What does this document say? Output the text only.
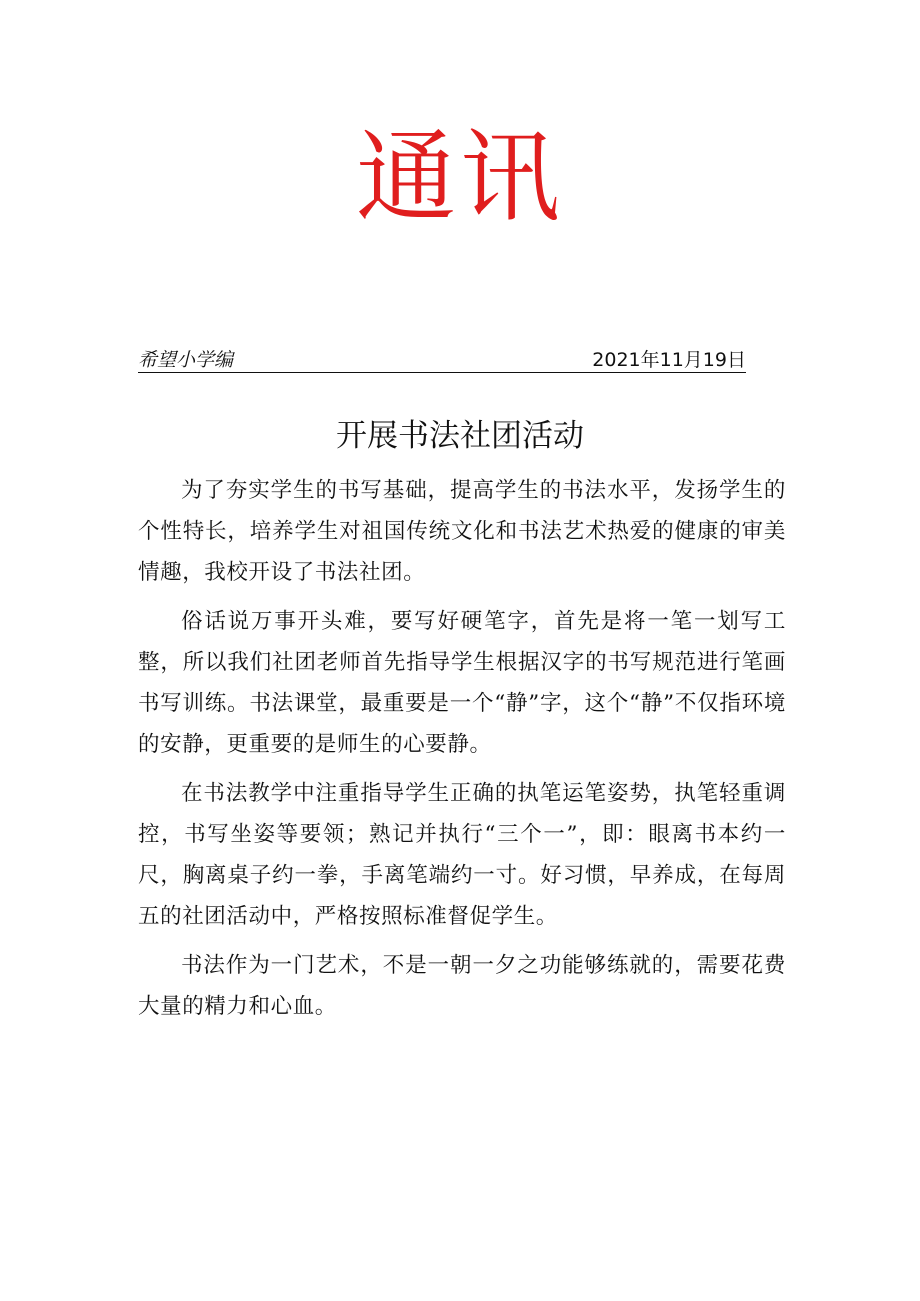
通讯
希望小学编	2021年11月19日
开展书法社团活动

为了夯实学生的书写基础，提高学生的书法水平，发扬学生的个性特长，培养学生对祖国传统文化和书法艺术热爱的健康的审美情趣，我校开设了书法社团。

俗话说万事开头难，要写好硬笔字，首先是将一笔一划写工整，所以我们社团老师首先指导学生根据汉字的书写规范进行笔画书写训练。书法课堂，最重要是一个“静”字，这个“静”不仅指环境的安静，更重要的是师生的心要静。

在书法教学中注重指导学生正确的执笔运笔姿势，执笔轻重调控，书写坐姿等要领；熟记并执行“三个一”，即：眼离书本约一尺，胸离桌子约一拳，手离笔端约一寸。好习惯，早养成，在每周五的社团活动中，严格按照标准督促学生。

书法作为一门艺术，不是一朝一夕之功能够练就的，需要花费大量的精力和心血。
